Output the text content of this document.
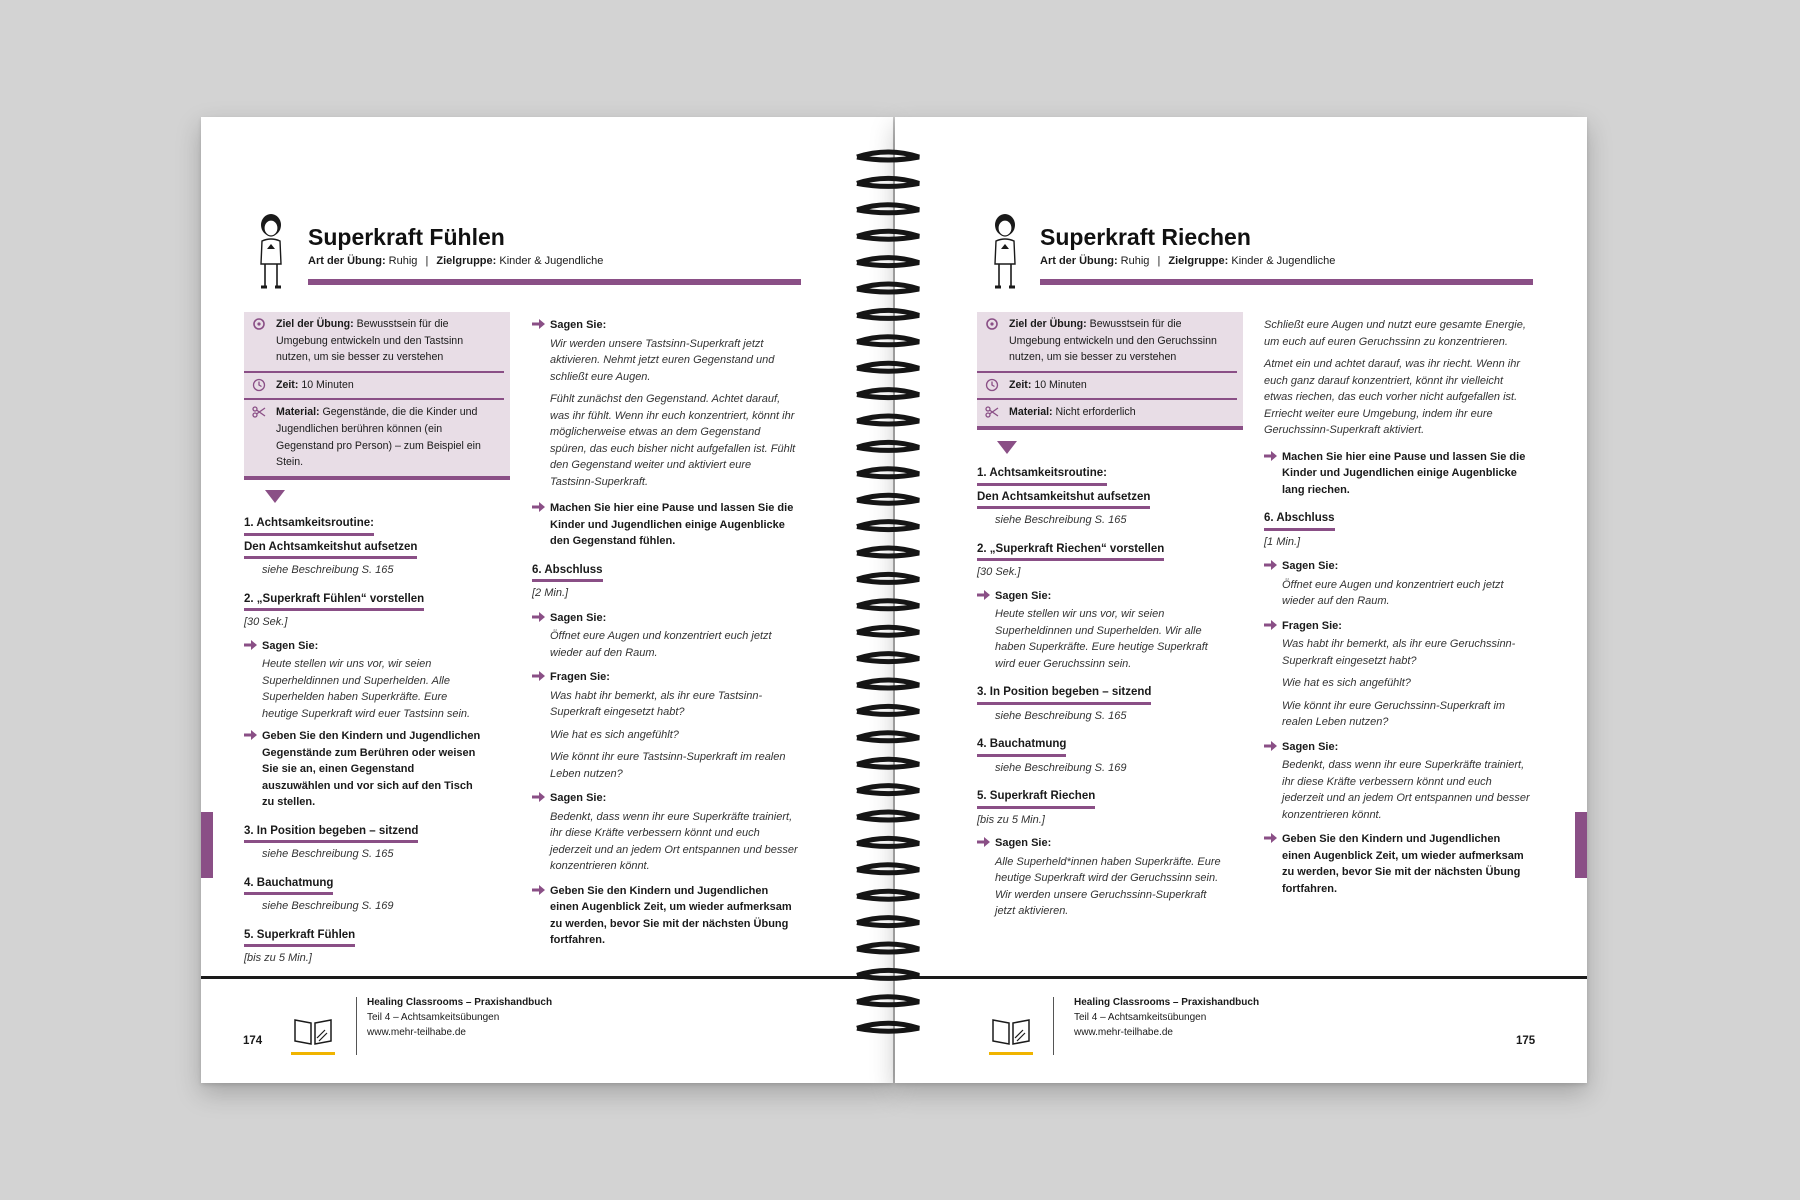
Superkraft Fühlen
Art der Übung: Ruhig | Zielgruppe: Kinder & Jugendliche
Ziel der Übung: Bewusstsein für die Umgebung entwickeln und den Tastsinn nutzen, um sie besser zu verstehen
Zeit: 10 Minuten
Material: Gegenstände, die die Kinder und Jugendlichen berühren können (ein Gegenstand pro Person) – zum Beispiel ein Stein.
1. Achtsamkeitsroutine:
Den Achtsamkeitshut aufsetzen
siehe Beschreibung S. 165
2. „Superkraft Fühlen“ vorstellen
[30 Sek.]
Sagen Sie:
Heute stellen wir uns vor, wir seien Superheldinnen und Superhelden. Alle Superhelden haben Superkräfte. Eure heutige Superkraft wird euer Tastsinn sein.
Geben Sie den Kindern und Jugendlichen Gegenstände zum Berühren oder weisen Sie sie an, einen Gegenstand auszuwählen und vor sich auf den Tisch zu stellen.
3. In Position begeben – sitzend
siehe Beschreibung S. 165
4. Bauchatmung
siehe Beschreibung S. 169
5. Superkraft Fühlen
[bis zu 5 Min.]
Sagen Sie:
Wir werden unsere Tastsinn-Superkraft jetzt aktivieren. Nehmt jetzt euren Gegenstand und schließt eure Augen.
Fühlt zunächst den Gegenstand. Achtet darauf, was ihr fühlt. Wenn ihr euch konzentriert, könnt ihr möglicherweise etwas an dem Gegenstand spüren, das euch bisher nicht aufgefallen ist. Fühlt den Gegenstand weiter und aktiviert eure Tastsinn-Superkraft.
Machen Sie hier eine Pause und lassen Sie die Kinder und Jugendlichen einige Augenblicke den Gegenstand fühlen.
6. Abschluss
[2 Min.]
Sagen Sie:
Öffnet eure Augen und konzentriert euch jetzt wieder auf den Raum.
Fragen Sie:
Was habt ihr bemerkt, als ihr eure Tastsinn-Superkraft eingesetzt habt?
Wie hat es sich angefühlt?
Wie könnt ihr eure Tastsinn-Superkraft im realen Leben nutzen?
Sagen Sie:
Bedenkt, dass wenn ihr eure Superkräfte trainiert, ihr diese Kräfte verbessern könnt und euch jederzeit und an jedem Ort entspannen und besser konzentrieren könnt.
Geben Sie den Kindern und Jugendlichen einen Augenblick Zeit, um wieder aufmerksam zu werden, bevor Sie mit der nächsten Übung fortfahren.
174
Healing Classrooms – Praxishandbuch
Teil 4 – Achtsamkeitsübungen
www.mehr-teilhabe.de
Superkraft Riechen
Art der Übung: Ruhig | Zielgruppe: Kinder & Jugendliche
Ziel der Übung: Bewusstsein für die Umgebung entwickeln und den Geruchssinn nutzen, um sie besser zu verstehen
Zeit: 10 Minuten
Material: Nicht erforderlich
1. Achtsamkeitsroutine:
Den Achtsamkeitshut aufsetzen
siehe Beschreibung S. 165
2. „Superkraft Riechen“ vorstellen
[30 Sek.]
Sagen Sie:
Heute stellen wir uns vor, wir seien Superheldinnen und Superhelden. Wir alle haben Superkräfte. Eure heutige Superkraft wird euer Geruchssinn sein.
3. In Position begeben – sitzend
siehe Beschreibung S. 165
4. Bauchatmung
siehe Beschreibung S. 169
5. Superkraft Riechen
[bis zu 5 Min.]
Sagen Sie:
Alle Superheld*innen haben Superkräfte. Eure heutige Superkraft wird der Geruchssinn sein. Wir werden unsere Geruchssinn-Superkraft jetzt aktivieren.
Schließt eure Augen und nutzt eure gesamte Energie, um euch auf euren Geruchssinn zu konzentrieren.
Atmet ein und achtet darauf, was ihr riecht. Wenn ihr euch ganz darauf konzentriert, könnt ihr vielleicht etwas riechen, das euch vorher nicht aufgefallen ist. Erriecht weiter eure Umgebung, indem ihr eure Geruchssinn-Superkraft aktiviert.
Machen Sie hier eine Pause und lassen Sie die Kinder und Jugendlichen einige Augenblicke lang riechen.
6. Abschluss
[1 Min.]
Sagen Sie:
Öffnet eure Augen und konzentriert euch jetzt wieder auf den Raum.
Fragen Sie:
Was habt ihr bemerkt, als ihr eure Geruchssinn-Superkraft eingesetzt habt?
Wie hat es sich angefühlt?
Wie könnt ihr eure Geruchssinn-Superkraft im realen Leben nutzen?
Sagen Sie:
Bedenkt, dass wenn ihr eure Superkräfte trainiert, ihr diese Kräfte verbessern könnt und euch jederzeit und an jedem Ort entspannen und besser konzentrieren könnt.
Geben Sie den Kindern und Jugendlichen einen Augenblick Zeit, um wieder aufmerksam zu werden, bevor Sie mit der nächsten Übung fortfahren.
Healing Classrooms – Praxishandbuch
Teil 4 – Achtsamkeitsübungen
www.mehr-teilhabe.de
175
